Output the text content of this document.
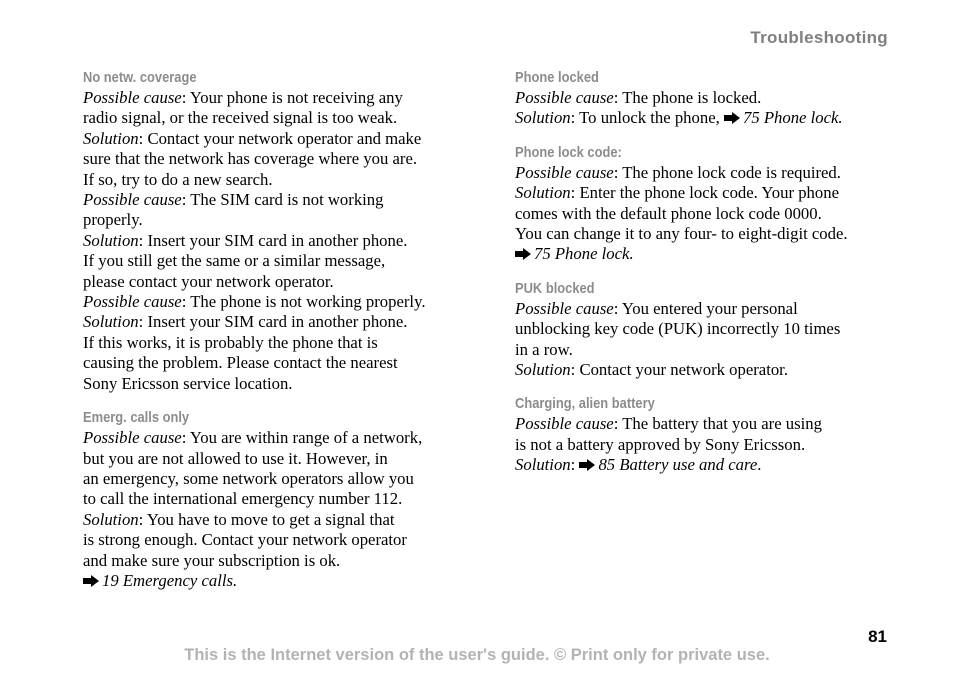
Troubleshooting
No netw. coverage
Possible cause: Your phone is not receiving any
radio signal, or the received signal is too weak.
Solution: Contact your network operator and make
sure that the network has coverage where you are.
If so, try to do a new search.
Possible cause: The SIM card is not working
properly.
Solution: Insert your SIM card in another phone.
If you still get the same or a similar message,
please contact your network operator.
Possible cause: The phone is not working properly.
Solution: Insert your SIM card in another phone.
If this works, it is probably the phone that is
causing the problem. Please contact the nearest
Sony Ericsson service location.
Emerg. calls only
Possible cause: You are within range of a network,
but you are not allowed to use it. However, in
an emergency, some network operators allow you
to call the international emergency number 112.
Solution: You have to move to get a signal that
is strong enough. Contact your network operator
and make sure your subscription is ok.
19 Emergency calls.
Phone locked
Possible cause: The phone is locked.
Solution: To unlock the phone, 75 Phone lock.
Phone lock code:
Possible cause: The phone lock code is required.
Solution: Enter the phone lock code. Your phone
comes with the default phone lock code 0000.
You can change it to any four- to eight-digit code.
75 Phone lock.
PUK blocked
Possible cause: You entered your personal
unblocking key code (PUK) incorrectly 10 times
in a row.
Solution: Contact your network operator.
Charging, alien battery
Possible cause: The battery that you are using
is not a battery approved by Sony Ericsson.
Solution: 85 Battery use and care.
81
This is the Internet version of the user's guide. © Print only for private use.
